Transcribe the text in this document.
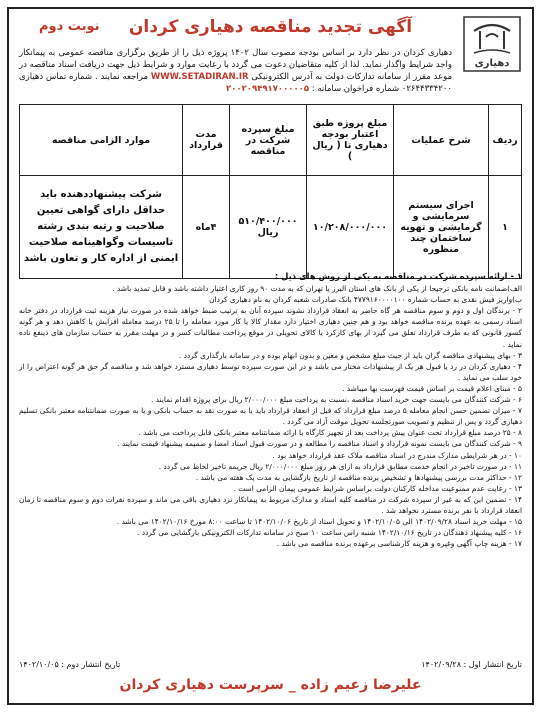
دهیاری
نوبت دوم	آگهی تجدید مناقصه دهیاری کردان
دهیاری کردان در نظر دارد بر اساس بودجه مصوب سال ۱۴۰۲ پروژه ذیل را از طریق برگزاری مناقصه عمومی به پیمانکار واجد شرایط واگذار نماید. لذا از کلیه متقاضیان دعوت می گردد با رعایت موارد و شرایط ذیل جهت دریافت اسناد مناقصه در موعد مقرر از سامانه تدارکات دولت به آدرس الکترونیکی WWW.SETADIRAN.IR مراجعه نمایند . شماره تماس دهیاری ۰۲۶۴۴۳۳۴۲۰۰ شماره فراخوان سامانه : ۲۰۰۲۰۹۴۹۱۷۰۰۰۰۰۵
ردیف	شرح عملیات	مبلغ پروژه طبق اعتبار بودجه دهیاری تا ( ریال )	مبلغ سپرده شرکت در مناقصه	مدت قرارداد	موارد الزامی مناقصه
۱	اجرای سیستم سرمایشی و گرمایشی و تهویه ساختمان چند منظوره	۱۰/۲۰۸/۰۰۰/۰۰۰	۵۱۰/۴۰۰/۰۰۰ ریال	۴ماه	شرکت پیشنهاددهنده باید حداقل دارای گواهی تعیین صلاحیت و رتبه بندی رشته تاسیسات وگواهینامه صلاحیت ایمنی از اداره کار و تعاون باشد
۱ - ارائه سپرده شرکت در مناقصه به یکی از روش های ذیل :

الف)ضمانت نامه بانکی ترجیحا از یکی از بانک های استان البرز یا تهران که به مدت ۹۰ روز کاری اعتبار داشته باشد و قابل تمدید باشد .

ب)واریز فیش نقدی به حساب شماره ۴۷۷۹۱۶۰۰۰۰۱۰۰ بانک صادرات شعبه کردان به نام دهیاری کردان

۲ - برندگان اول و دوم و سوم مناقصه هر گاه حاضر به انعقاد قرارداد نشوند سپرده آنان به ترتیب ضبط خواهد شده در صورت نیاز هزینه ثبت قرارداد در دفتر خانه اسناد رسمی به عهده برنده مناقصه خواهد بود و هم چنین دهیاری اختیار دارد مقدار کالا یا کار مورد معامله را تا ۲۵ درصد معامله افزایش یا کاهش دهد و هر گونه کسور قانونی که به طرف قرارداد تعلق می گیرد از بهای کارکرد یا کالای تحویلی در موقع پرداخت مطالبات کسر و در مهلت مقرر به حساب سازمان های ذینفع ناده نماید .

۳ - بهای پیشنهادی مناقصه گران باید از حیث مبلغ مشخص و معین و بدون ابهام بوده و در سامانه بارگذاری گردد .

۴ - دهیاری کردان در رد یا قبول هر یک از پیشنهادات مختار می باشد و در این صورت سپرده توسط دهیاری مسترد خواهد شد و مناقصه گر حق هر گونه اعتراض را از خود سلب می نماید .

۵ - مبنای اعلام قیمت بر اساس قیمت فهرست بها میباشد .

۶ - شرکت کنندگان می بایست جهت خرید اسناد مناقصه ،نسبت به پرداخت مبلغ ۲/۰۰۰/۰۰۰ ریال برای پروژه اقدام نمایند .

۷ - میزان تضمین حسن انجام معامله ۵ درصد مبلغ قرارداد که قبل از انعقاد قرارداد باید یا به صورت نقد به حساب بانکی و یا به صورت ضمانتنامه معتبر بانکی تسلیم دهیاری گردد و پس از تنظیم و تصویب صورتجلسه تحویل موقت آزاد می گردد .

۸ - ۲۵ درصد مبلغ قرارداد تحت عنوان پیش پرداخت بعد از تجهیز کارگاه با ارائه ضمانتنامه معتبر بانکی قابل پرداخت می باشد .

۹ - شرکت کنندگان می بایست نمونه قرارداد و اسناد مناقصه را مطالعه و در صورت قبول اسناد امضا و ضمیمه پیشنهاد قیمت نمایند .

۱۰ - در هر شرایطی مدارک مندرج در اسناد مناقصه ملاک عقد قرارداد خواهد بود .

۱۱ - در صورت تاخیر در انجام خدمت مطابق قرارداد به ازای هر روز مبلغ ۲/۰۰۰/۰۰۰ ریال جریمه تاخیر لحاظ می گردد .

۱۲ - حداکثر مدت بررسی پیشنهادها و تشخیص برنده مناقصه از تاریخ بازگشایی به مدت یک هفته می باشد .

۱۳ - رعایت عدم ممنوعیت مداخله کارکنان دولت براساس شرایط عمومی پیمان الزامی است .

۱۴ - تضمین این که به غیر از سپرده شرکت در مناقصه کلیه اسناد و مدارک مربوط به پیمانکار نزد دهیاری باقی می ماند و سپرده نفرات دوم و سوم مناقصه تا زمان انعقاد قرارداد با نفر برنده مسترد نخواهد شد .

۱۵ - مهلت خرید اسناد ۱۴۰۲/۰۹/۲۸ الی ۱۴۰۲/۱۰/۰۵ و تحویل اسناد از تاریخ ۱۴۰۲/۱۰/۰۶ تا ساعت ۸:۰۰ مورخ ۱۴۰۲/۱۰/۱۶ می باشد .

۱۶ - کلیه پیشنهاد دهندگان در تاریخ ۱۴۰۲/۱۰/۱۶ شنبه راس ساعت ۱۰ صبح در سامانه تدارکات الکترونیکی بارگشایی می گردد .

۱۷ - هزینه چاپ آگهی وغیره و هزینه کارشناسی برعهده برنده مناقصه می باشد .

تاریخ انتشار اول : ۱۴۰۲/۰۹/۲۸
تاریخ انتشار دوم : ۱۴۰۲/۱۰/۰۵
علیرضا زعیم زاده _ سرپرست دهیاری کردان
